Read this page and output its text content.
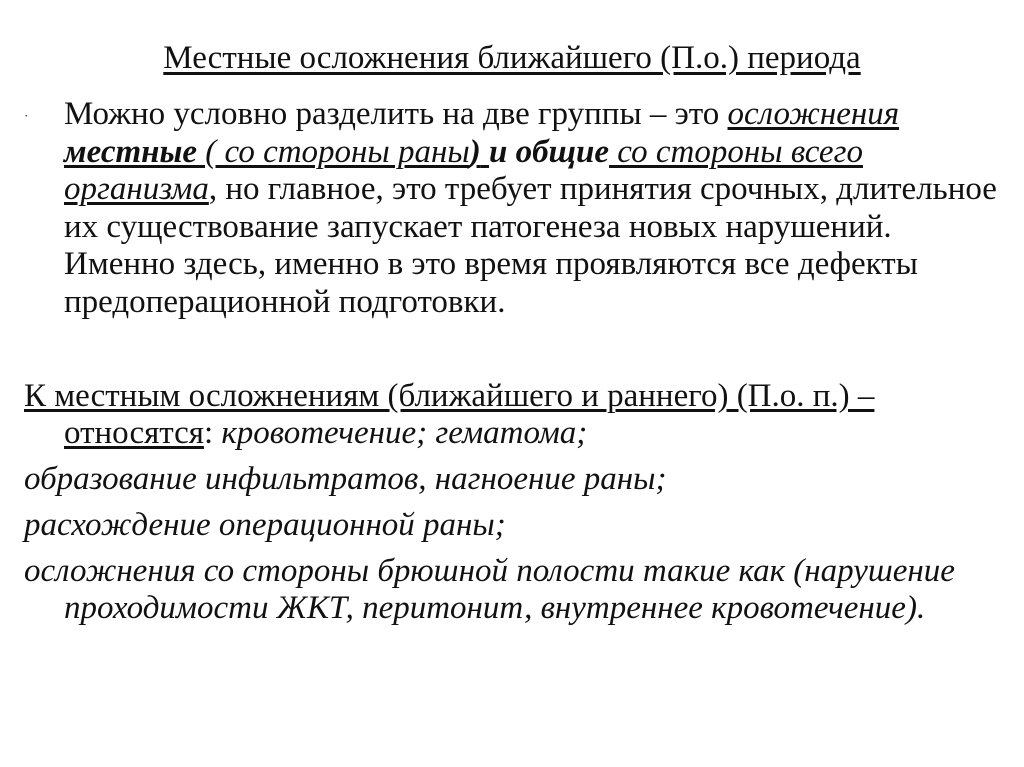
Местные осложнения ближайшего (П.о.) периода
· Можно условно разделить на две группы – это осложнения местные ( со стороны раны) и общие со стороны всего организма, но главное, это требует принятия срочных, длительное их существование запускает патогенеза новых нарушений. Именно здесь, именно в это время проявляются все дефекты предоперационной подготовки.

К местным осложнениям (ближайшего и раннего) (П.о. п.) – относятся: кровотечение; гематома;

образование инфильтратов, нагноение раны;

расхождение операционной раны;

осложнения со стороны брюшной полости такие как (нарушение проходимости ЖКТ, перитонит, внутреннее кровотечение).
